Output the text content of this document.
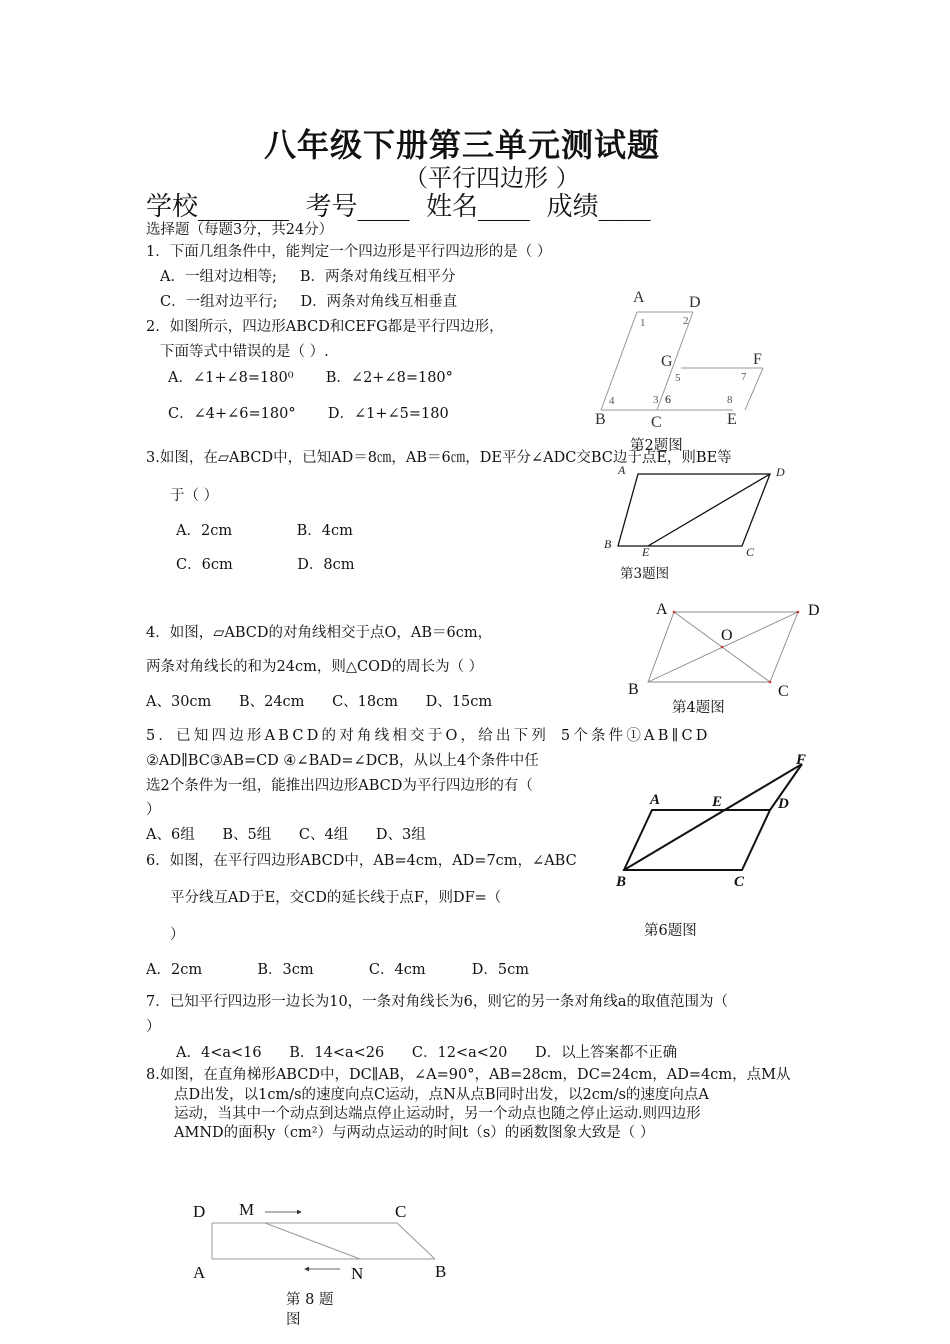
八年级下册第三单元测试题
（平行四边形 ）
学校_______  考号____  姓名____  成绩____
选择题（每题3分，共24分）
1．下面几组条件中，能判定一个四边形是平行四边形的是（ ）
A．一组对边相等;     B．两条对角线互相平分
C．一组对边平行;     D．两条对角线互相垂直
2．如图所示，四边形ABCD和CEFG都是平行四边形，
下面等式中错误的是（ ）.
A．∠1+∠8=180⁰       B．∠2+∠8=180°
C．∠4+∠6=180°       D．∠1+∠5=180
A	D
G	F
B	C	E
1	2
5	7
4	3 6	8
第2题图
3.如图，在▱ABCD中，已知AD＝8㎝，AB＝6㎝，DE平分∠ADC交BC边于点E，则BE等
于（ ）
A．2cm              B．4cm
C．6cm              D．8cm
A	D
B
E	C
第3题图
4．如图，▱ABCD的对角线相交于点O，AB＝6cm，
两条对角线长的和为24cm，则△COD的周长为（ ）
A、30cm      B、24cm      C、18cm      D、15cm
A	D
O
B	C
第4题图
5．已知四边形ABCD的对角线相交于O，给出下列 5个条件①AB∥CD
②AD∥BC③AB=CD ④∠BAD=∠DCB，从以上4个条件中任
选2个条件为一组，能推出四边形ABCD为平行四边形的有（
）
A、6组      B、5组      C、4组      D、3组
6．如图，在平行四边形ABCD中，AB=4cm，AD=7cm，∠ABC
平分线互AD于E，交CD的延长线于点F，则DF=（
）
A．2cm            B．3cm            C．4cm          D．5cm
F
A	E	D
B	C
第6题图
7．已知平行四边形一边长为10，一条对角线长为6，则它的另一条对角线a的取值范围为（
）
A．4<a<16      B．14<a<26      C．12<a<20      D．以上答案都不正确
8.如图，在直角梯形ABCD中，DC∥AB，∠A=90°，AB=28cm，DC=24cm，AD=4cm，点M从
点D出发，以1cm/s的速度向点C运动，点N从点B同时出发，以2cm/s的速度向点A
运动，当其中一个动点到达端点停止运动时，另一个动点也随之停止运动.则四边形
AMND的面积y（cm²）与两动点运动的时间t（s）的函数图象大致是（ ）
D M	C
A	N	B
第 8 题
图
